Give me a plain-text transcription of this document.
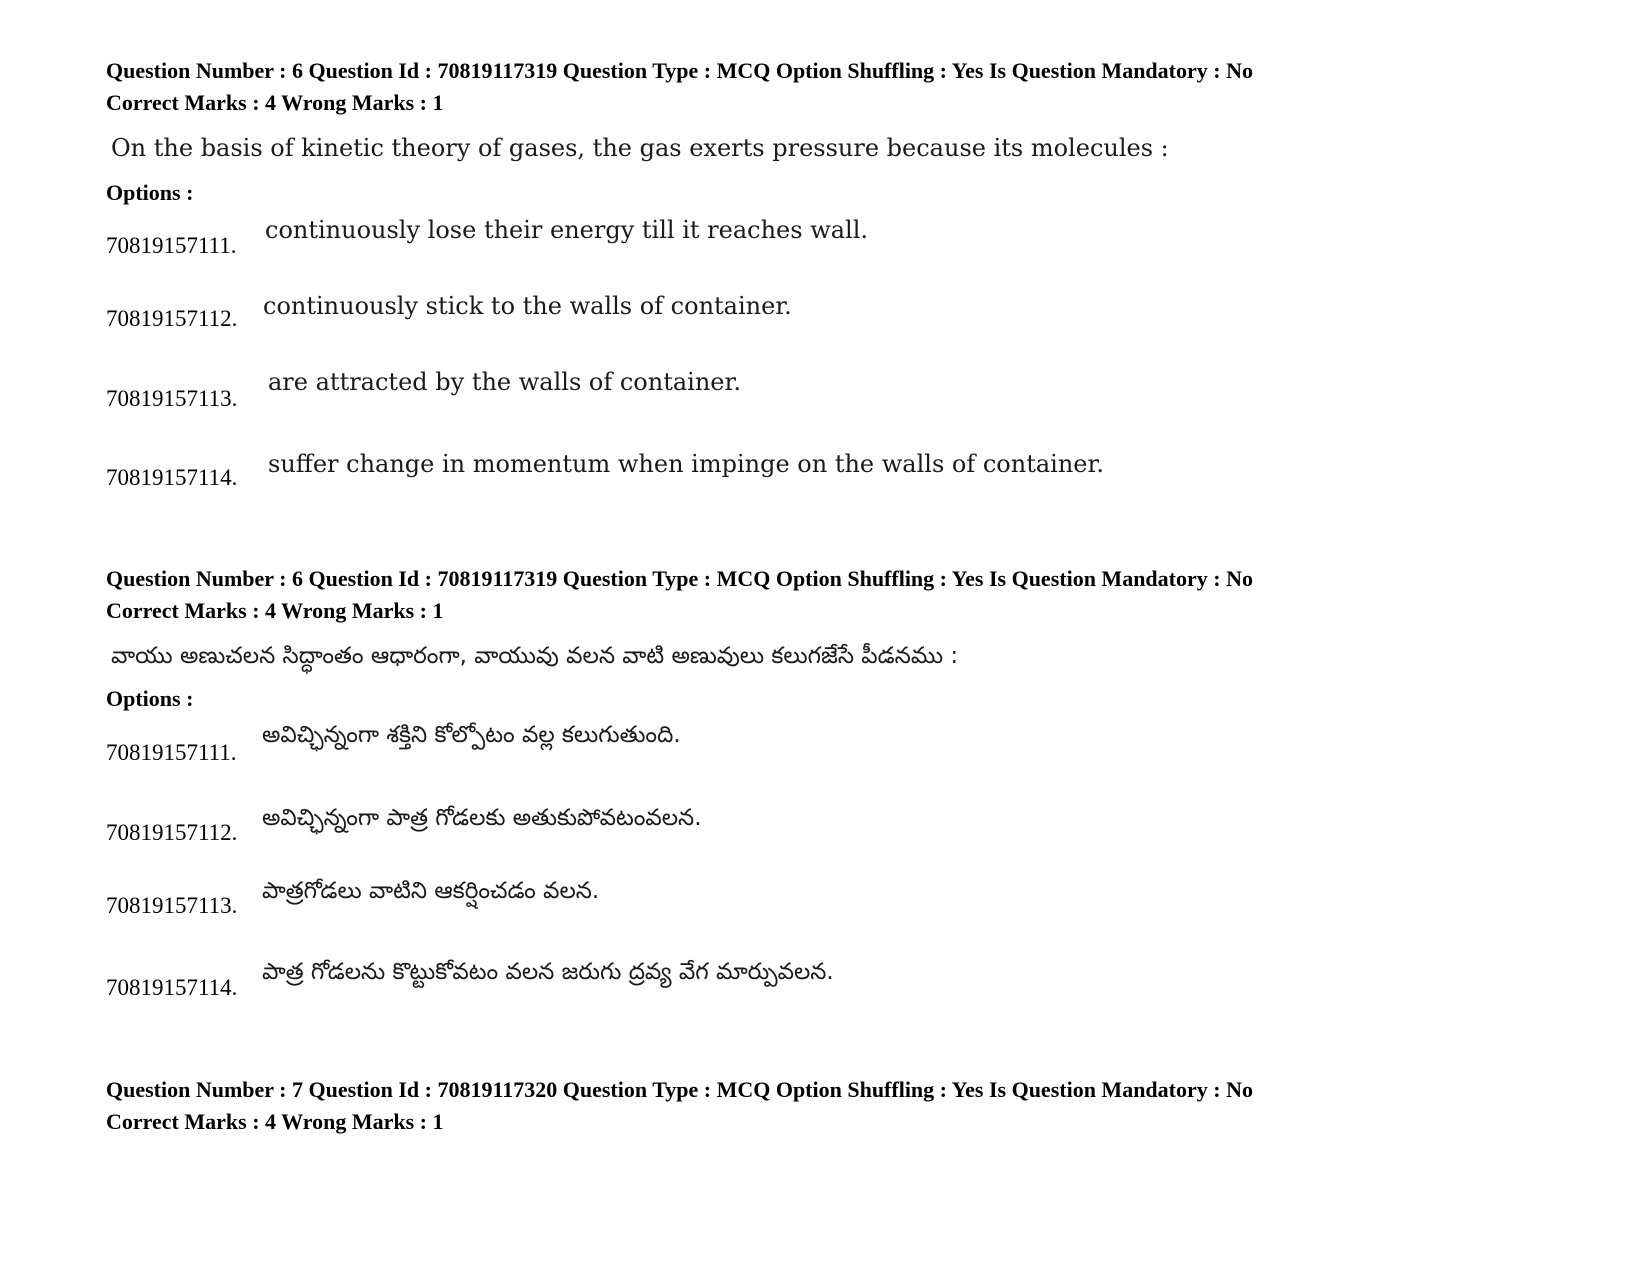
Question Number : 6 Question Id : 70819117319 Question Type : MCQ Option Shuffling : Yes Is Question Mandatory : No
Correct Marks : 4 Wrong Marks : 1
On the basis of kinetic theory of gases, the gas exerts pressure because its molecules :
Options :
70819157111.
continuously lose their energy till it reaches wall.
70819157112. continuously stick to the walls of container.
70819157113.
are attracted by the walls of container.
70819157114. suffer change in momentum when impinge on the walls of container.
Question Number : 6 Question Id : 70819117319 Question Type : MCQ Option Shuffling : Yes Is Question Mandatory : No
Correct Marks : 4 Wrong Marks : 1
వాయు అణుచలన సిద్ధాంతం ఆధారంగా, వాయువు వలన వాటి అణువులు కలుగజేసే పీడనము :
Options :
70819157111.
అవిచ్ఛిన్నంగా శక్తిని కోల్పోటం వల్ల కలుగుతుంది.
70819157112.
అవిచ్ఛిన్నంగా పాత్ర గోడలకు అతుకుపోవటంవలన.
70819157113.
పాత్రగోడలు వాటిని ఆకర్షించడం వలన.
70819157114.
పాత్ర గోడలను కొట్టుకోవటం వలన జరుగు ద్రవ్య వేగ మార్పువలన.
Question Number : 7 Question Id : 70819117320 Question Type : MCQ Option Shuffling : Yes Is Question Mandatory : No
Correct Marks : 4 Wrong Marks : 1
